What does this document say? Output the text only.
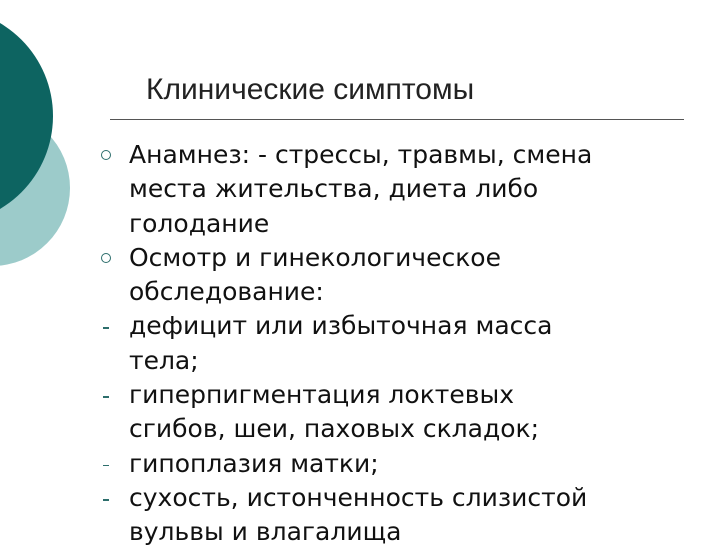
Клинические симптомы
Анамнез: - стрессы, травмы, смена
места жительства, диета либо
голодание
Осмотр и гинекологическое
обследование:
дефицит или избыточная масса
тела;
гиперпигментация локтевых
сгибов, шеи, паховых складок;
гипоплазия матки;
сухость, истонченность слизистой
вульвы и влагалища
